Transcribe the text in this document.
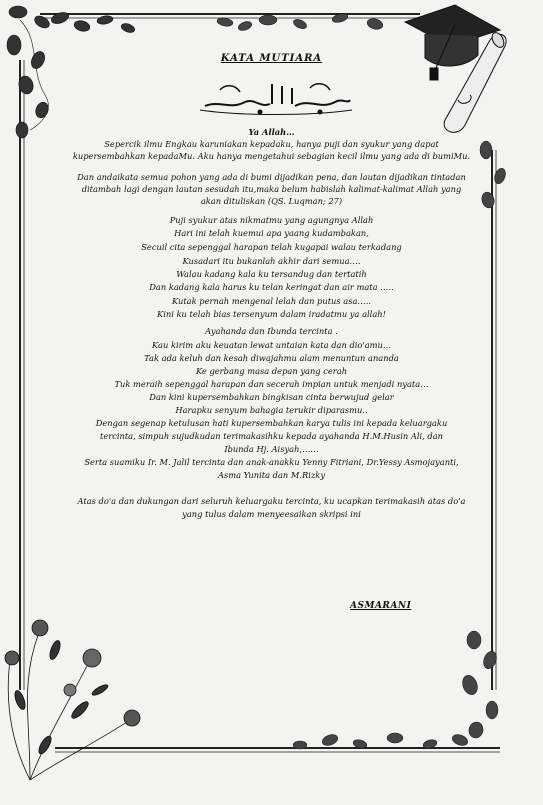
KATA MUTIARA
Ya Allah…
Sepercik ilmu Engkau karuniakan kepadaku, hanya puji dan syukur yang dapat
kupersembahkan kepadaMu. Aku hanya mengetahui sebagian kecil ilmu yang ada di bumiMu.
Dan andaikata semua pohon yang ada di bumi dijadikan pena, dan lautan dijadikan tintadan
ditambah lagi dengan lautan sesudah itu,maka belum habislah kalimat-kalimat Allah yang
akan dituliskan (QS. Luqman; 27)
Puji syukur atas nikmatmu yang agungnya Allah
Hari ini telah kuemui apa yaang kudambakan,
Secuil cita sepenggal harapan telah kugapai walau terkadang
Kusadari itu bukanlah akhir dari semua….
Walau kadang kala ku tersandug dan tertatih
Dan kadang kala harus ku telan keringat dan air mata …..
Kutak pernah mengenal lelah dan putus asa…..
Kini ku telah bias tersenyum dalam iradatmu ya allah!
Ayahanda dan Ibunda tercinta .
Kau kirim aku keuatan lewat untaian kata dan dio'amu…
Tak ada keluh dan kesah diwajahmu alam menuntun ananda
Ke gerbang masa depan yang cerah
Tuk meraih sepenggal harapan dan secerah impian untuk menjadi nyata…
Dan kini kupersembahkan bingkisan cinta berwujud gelar
Harapku senyum bahagia terukir diparasmu..
Dengan segenap ketulusan hati kupersembahkan karya tulis ini kepada keluargaku
tercinta, simpuh sujudkudan terimakasihku kepada ayahanda H.M.Husin Ali, dan
Ibunda Hj. Aisyah,……
Serta suamiku Ir. M. Jalil tercinta dan anak-anakku Yenny Fitriani, Dr.Yessy Asmojayanti,
Asma Yunita dan M.Rizky
Atas do'a dan dukungan dari seluruh keluargaku tercinta, ku ucapkan terimakasih atas do'a
yang tulus dalam menyeesaikan skripsi ini
ASMARANI
